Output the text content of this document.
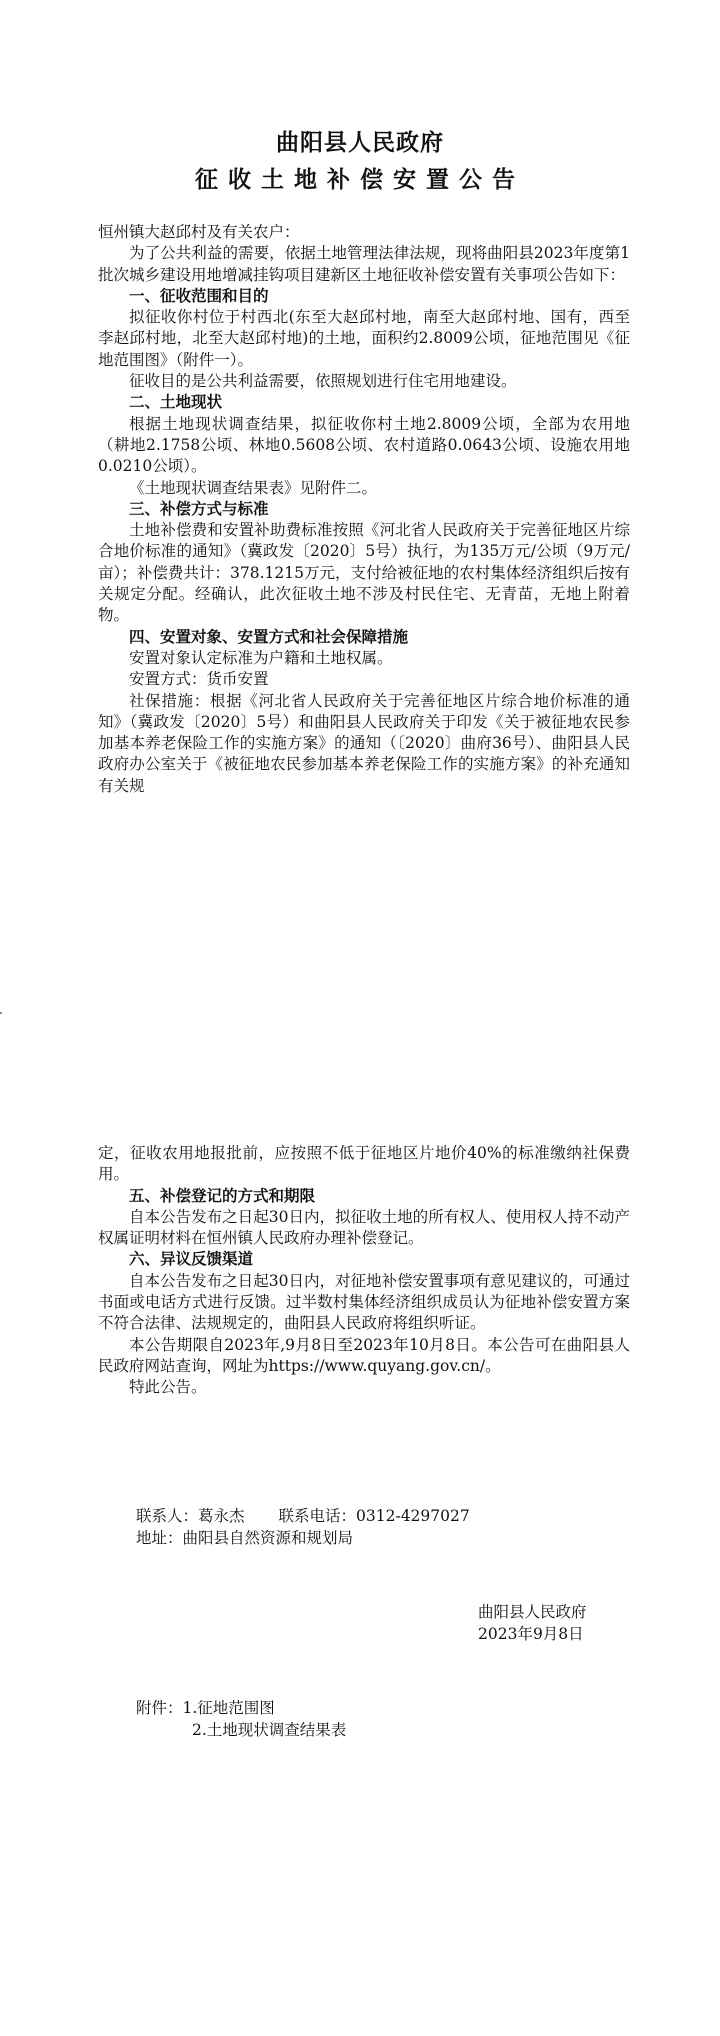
曲阳县人民政府
征收土地补偿安置公告

恒州镇大赵邱村及有关农户：

为了公共利益的需要，依据土地管理法律法规，现将曲阳县2023年度第1批次城乡建设用地增减挂钩项目建新区土地征收补偿安置有关事项公告如下：

一、征收范围和目的

拟征收你村位于村西北(东至大赵邱村地，南至大赵邱村地、国有，西至李赵邱村地，北至大赵邱村地)的土地，面积约2.8009公顷，征地范围见《征地范围图》（附件一）。

征收目的是公共利益需要，依照规划进行住宅用地建设。

二、土地现状

根据土地现状调查结果，拟征收你村土地2.8009公顷，全部为农用地（耕地2.1758公顷、林地0.5608公顷、农村道路0.0643公顷、设施农用地0.0210公顷）。

《土地现状调查结果表》见附件二。

三、补偿方式与标准

土地补偿费和安置补助费标准按照《河北省人民政府关于完善征地区片综合地价标准的通知》（冀政发〔2020〕5号）执行，为135万元/公顷（9万元/亩）；补偿费共计：378.1215万元，支付给被征地的农村集体经济组织后按有关规定分配。经确认，此次征收土地不涉及村民住宅、无青苗，无地上附着物。

四、安置对象、安置方式和社会保障措施

安置对象认定标准为户籍和土地权属。

安置方式：货币安置

社保措施：根据《河北省人民政府关于完善征地区片综合地价标准的通知》（冀政发〔2020〕5号）和曲阳县人民政府关于印发《关于被征地农民参加基本养老保险工作的实施方案》的通知（〔2020〕曲府36号）、曲阳县人民政府办公室关于《被征地农民参加基本养老保险工作的实施方案》的补充通知有关规

定，征收农用地报批前，应按照不低于征地区片地价40%的标准缴纳社保费用。

五、补偿登记的方式和期限

自本公告发布之日起30日内，拟征收土地的所有权人、使用权人持不动产权属证明材料在恒州镇人民政府办理补偿登记。

六、异议反馈渠道

自本公告发布之日起30日内，对征地补偿安置事项有意见建议的，可通过书面或电话方式进行反馈。过半数村集体经济组织成员认为征地补偿安置方案不符合法律、法规规定的，曲阳县人民政府将组织听证。

本公告期限自2023年,9月8日至2023年10月8日。本公告可在曲阳县人民政府网站查询，网址为https://www.quyang.gov.cn/。

特此公告。

联系人：葛永杰 联系电话：0312-4297027
地址：曲阳县自然资源和规划局
曲阳县人民政府
2023年9月8日
附件：1.征地范围图
2.土地现状调查结果表
